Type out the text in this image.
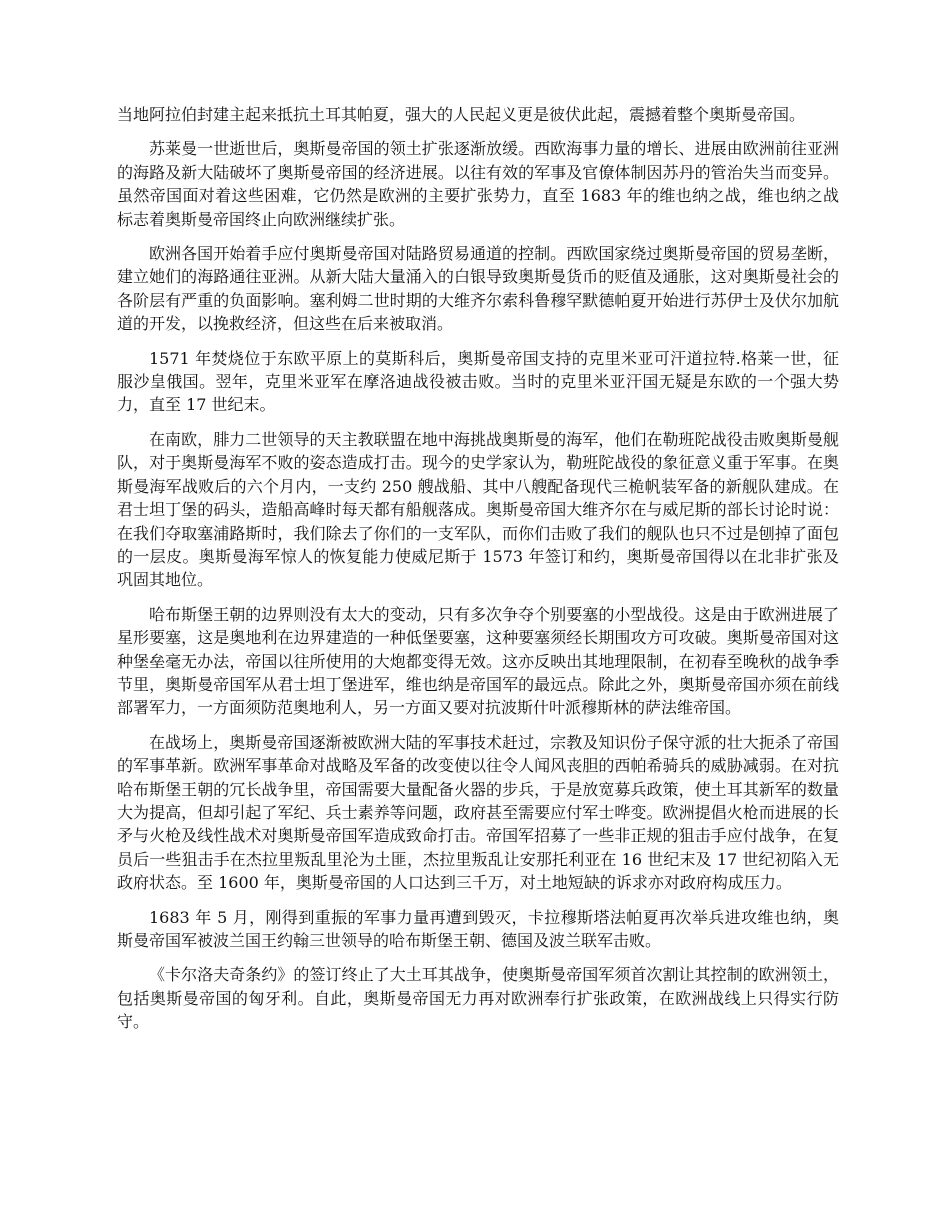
当地阿拉伯封建主起来抵抗土耳其帕夏，强大的人民起义更是彼伏此起，震撼着整个奥斯曼帝国。

苏莱曼一世逝世后，奥斯曼帝国的领土扩张逐渐放缓。西欧海事力量的增长、进展由欧洲前往亚洲的海路及新大陆破坏了奥斯曼帝国的经济进展。以往有效的军事及官僚体制因苏丹的管治失当而变异。虽然帝国面对着这些困难，它仍然是欧洲的主要扩张势力，直至 1683 年的维也纳之战，维也纳之战标志着奥斯曼帝国终止向欧洲继续扩张。

欧洲各国开始着手应付奥斯曼帝国对陆路贸易通道的控制。西欧国家绕过奥斯曼帝国的贸易垄断，建立她们的海路通往亚洲。从新大陆大量涌入的白银导致奥斯曼货币的贬值及通胀，这对奥斯曼社会的各阶层有严重的负面影响。塞利姆二世时期的大维齐尔索科鲁穆罕默德帕夏开始进行苏伊士及伏尔加航道的开发，以挽救经济，但这些在后来被取消。

1571 年焚烧位于东欧平原上的莫斯科后，奥斯曼帝国支持的克里米亚可汗道拉特.格莱一世，征服沙皇俄国。翌年，克里米亚军在摩洛迪战役被击败。当时的克里米亚汗国无疑是东欧的一个强大势力，直至 17 世纪末。

在南欧，腓力二世领导的天主教联盟在地中海挑战奥斯曼的海军，他们在勒班陀战役击败奥斯曼舰队，对于奥斯曼海军不败的姿态造成打击。现今的史学家认为，勒班陀战役的象征意义重于军事。在奥斯曼海军战败后的六个月内，一支约 250 艘战船、其中八艘配备现代三桅帆装军备的新舰队建成。在君士坦丁堡的码头，造船高峰时每天都有船舰落成。奥斯曼帝国大维齐尔在与威尼斯的部长讨论时说：在我们夺取塞浦路斯时，我们除去了你们的一支军队，而你们击败了我们的舰队也只不过是刨掉了面包的一层皮。奥斯曼海军惊人的恢复能力使威尼斯于 1573 年签订和约，奥斯曼帝国得以在北非扩张及巩固其地位。

哈布斯堡王朝的边界则没有太大的变动，只有多次争夺个别要塞的小型战役。这是由于欧洲进展了星形要塞，这是奥地利在边界建造的一种低堡要塞，这种要塞须经长期围攻方可攻破。奥斯曼帝国对这种堡垒毫无办法，帝国以往所使用的大炮都变得无效。这亦反映出其地理限制，在初春至晚秋的战争季节里，奥斯曼帝国军从君士坦丁堡进军，维也纳是帝国军的最远点。除此之外，奥斯曼帝国亦须在前线部署军力，一方面须防范奥地利人，另一方面又要对抗波斯什叶派穆斯林的萨法维帝国。

在战场上，奥斯曼帝国逐渐被欧洲大陆的军事技术赶过，宗教及知识份子保守派的壮大扼杀了帝国的军事革新。欧洲军事革命对战略及军备的改变使以往令人闻风丧胆的西帕希骑兵的威胁减弱。在对抗哈布斯堡王朝的冗长战争里，帝国需要大量配备火器的步兵，于是放宽募兵政策，使土耳其新军的数量大为提高，但却引起了军纪、兵士素养等问题，政府甚至需要应付军士哗变。欧洲提倡火枪而进展的长矛与火枪及线性战术对奥斯曼帝国军造成致命打击。帝国军招募了一些非正规的狙击手应付战争，在复员后一些狙击手在杰拉里叛乱里沦为土匪，杰拉里叛乱让安那托利亚在 16 世纪末及 17 世纪初陷入无政府状态。至 1600 年，奥斯曼帝国的人口达到三千万，对土地短缺的诉求亦对政府构成压力。

1683 年 5 月，刚得到重振的军事力量再遭到毁灭，卡拉穆斯塔法帕夏再次举兵进攻维也纳，奥斯曼帝国军被波兰国王约翰三世领导的哈布斯堡王朝、德国及波兰联军击败。

《卡尔洛夫奇条约》的签订终止了大土耳其战争，使奥斯曼帝国军须首次割让其控制的欧洲领土，包括奥斯曼帝国的匈牙利。自此，奥斯曼帝国无力再对欧洲奉行扩张政策，在欧洲战线上只得实行防守。
